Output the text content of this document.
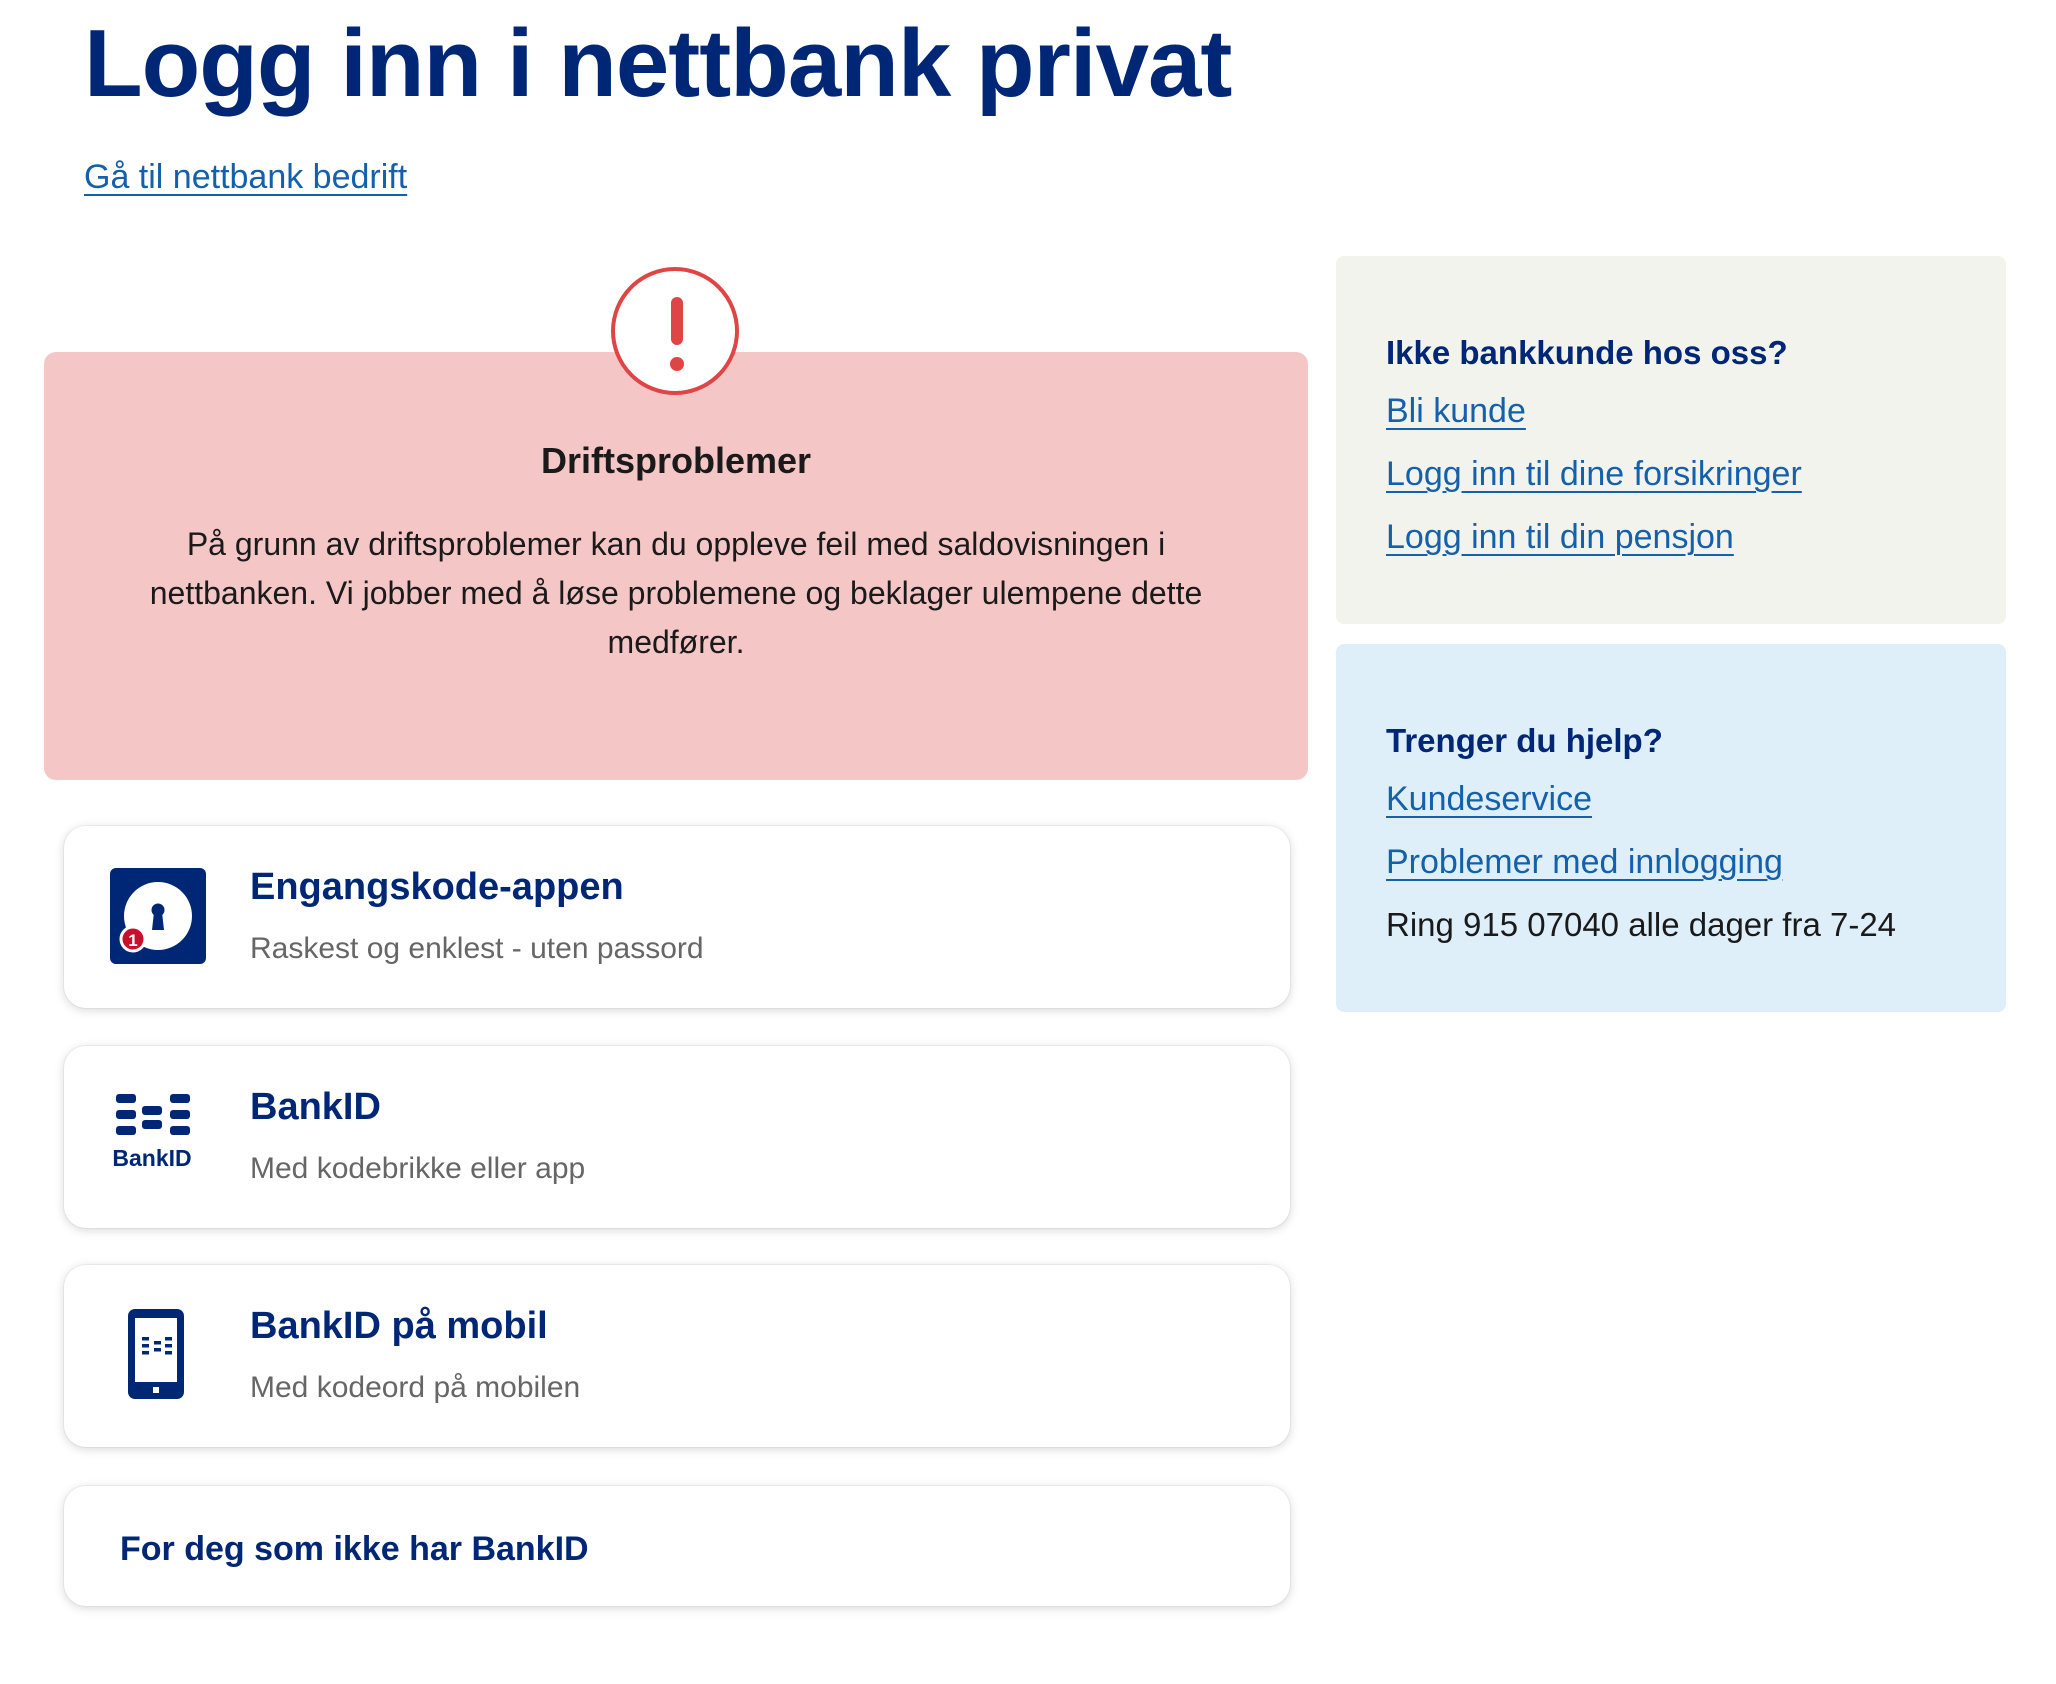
Logg inn i nettbank privat
Gå til nettbank bedrift
Driftsproblemer
På grunn av driftsproblemer kan du oppleve feil med saldovisningen i nettbanken. Vi jobber med å løse problemene og beklager ulempene dette medfører.
1
Engangskode-appen
Raskest og enklest - uten passord
BankID
BankID
Med kodebrikke eller app
BankID på mobil
Med kodeord på mobilen
For deg som ikke har BankID
Ikke bankkunde hos oss?
Bli kunde
Logg inn til dine forsikringer
Logg inn til din pensjon
Trenger du hjelp?
Kundeservice
Problemer med innlogging
Ring 915 07040 alle dager fra 7-24
